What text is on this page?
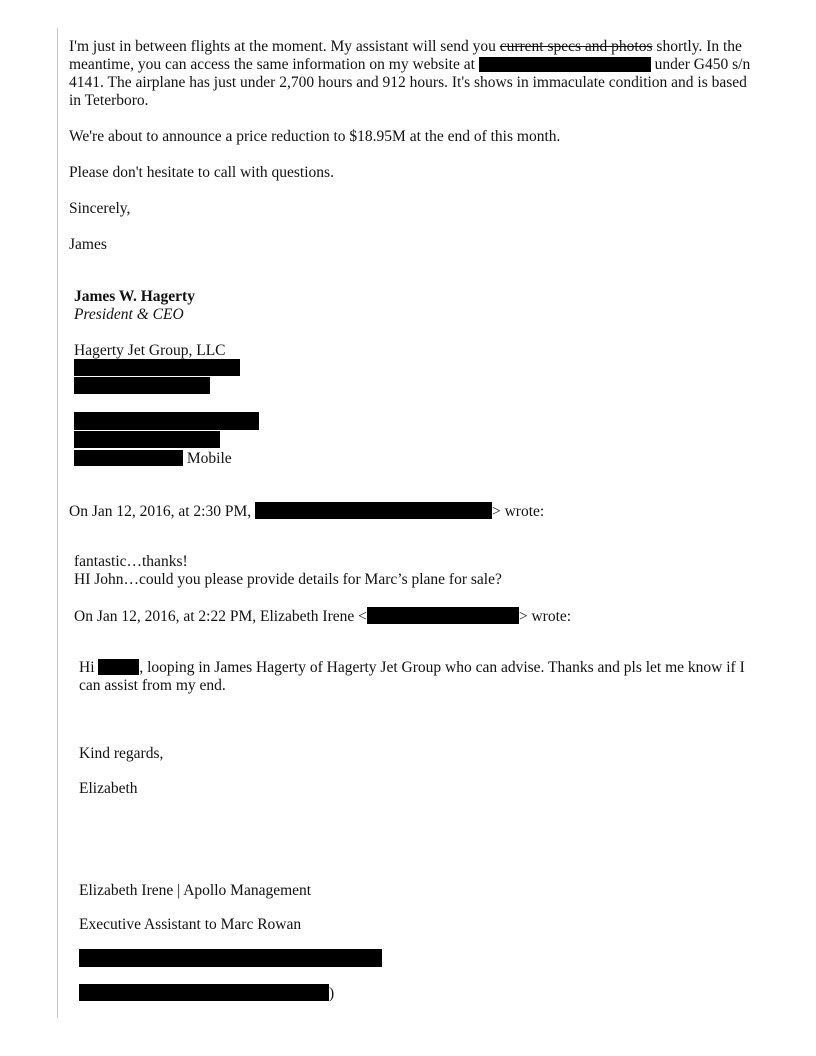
I'm just in between flights at the moment. My assistant will send you current specs and photos shortly. In the meantime, you can access the same information on my website at	under G450 s/n 4141. The airplane has just under 2,700 hours and 912 hours. It's shows in immaculate condition and is based in Teterboro.

We're about to announce a price reduction to $18.95M at the end of this month.
Please don't hesitate to call with questions.
Sincerely,
James
James W. Hagerty
President & CEO
Hagerty Jet Group, LLC
Mobile
On Jan 12, 2016, at 2:30 PM,	> wrote:
fantastic…thanks!
HI John…could you please provide details for Marc’s plane for sale?
On Jan 12, 2016, at 2:22 PM, Elizabeth Irene <	> wrote:

Hi	, looping in James Hagerty of Hagerty Jet Group who can advise. Thanks and pls let me know if I can assist from my end.

Kind regards,
Elizabeth
Elizabeth Irene | Apollo Management
Executive Assistant to Marc Rowan
)
